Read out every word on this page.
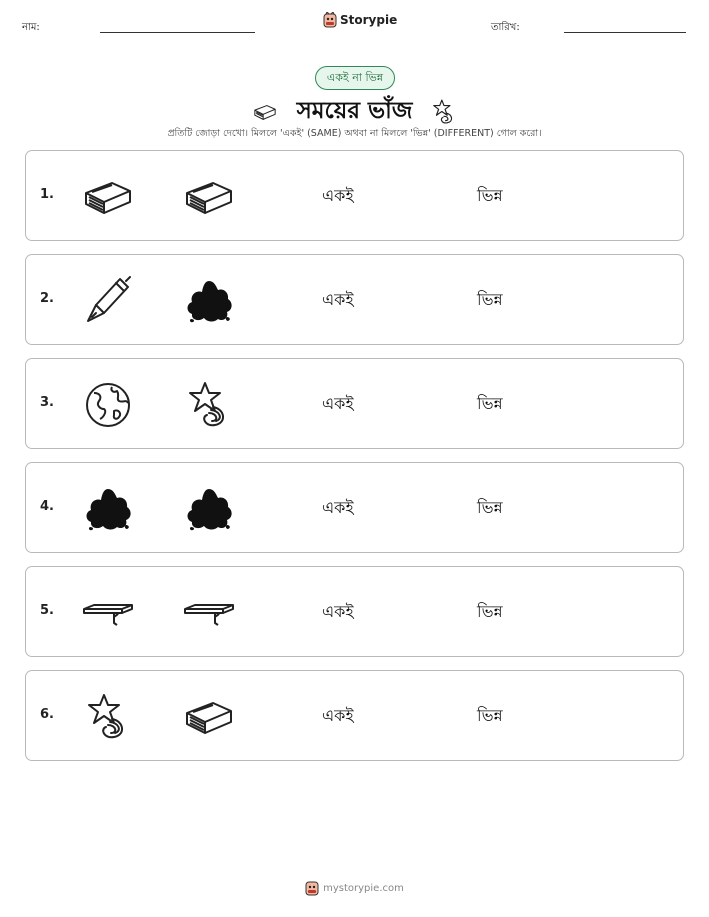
নাম:
Storypie
তারিখ:
একই না ভিন্ন
সময়ের ভাঁজ
প্রতিটি জোড়া দেখো। মিললে 'একই' (SAME) অথবা না মিললে 'ভিন্ন' (DIFFERENT) গোল করো।
1.	একই	ভিন্ন
2.	একই	ভিন্ন
3.	একই	ভিন্ন
4.	একই	ভিন্ন
5.	একই	ভিন্ন
6.	একই	ভিন্ন
mystorypie.com
